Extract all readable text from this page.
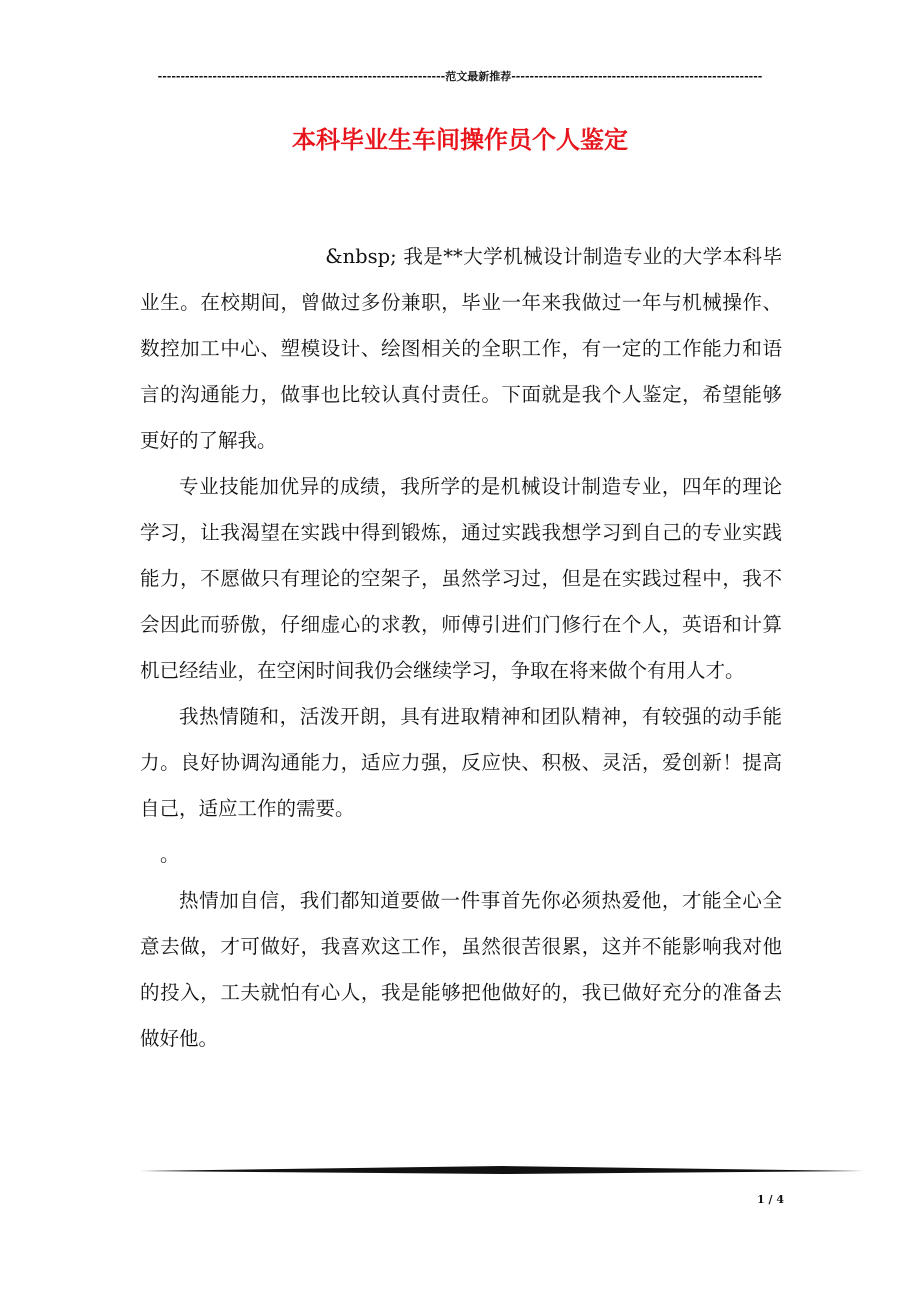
---------------------------------------------------------------范文最新推荐-------------------------------------------------------
本科毕业生车间操作员个人鉴定

&nbsp; 我是**大学机械设计制造专业的大学本科毕业生。在校期间，曾做过多份兼职，毕业一年来我做过一年与机械操作、数控加工中心、塑模设计、绘图相关的全职工作，有一定的工作能力和语言的沟通能力，做事也比较认真付责任。下面就是我个人鉴定，希望能够更好的了解我。

专业技能加优异的成绩，我所学的是机械设计制造专业，四年的理论学习，让我渴望在实践中得到锻炼，通过实践我想学习到自己的专业实践能力，不愿做只有理论的空架子，虽然学习过，但是在实践过程中，我不会因此而骄傲，仔细虚心的求教，师傅引进们门修行在个人，英语和计算机已经结业，在空闲时间我仍会继续学习，争取在将来做个有用人才。

我热情随和，活泼开朗，具有进取精神和团队精神，有较强的动手能力。良好协调沟通能力，适应力强，反应快、积极、灵活，爱创新！提高自己，适应工作的需要。

。

热情加自信，我们都知道要做一件事首先你必须热爱他，才能全心全意去做，才可做好，我喜欢这工作，虽然很苦很累，这并不能影响我对他的投入，工夫就怕有心人，我是能够把他做好的，我已做好充分的准备去做好他。

1 / 4
